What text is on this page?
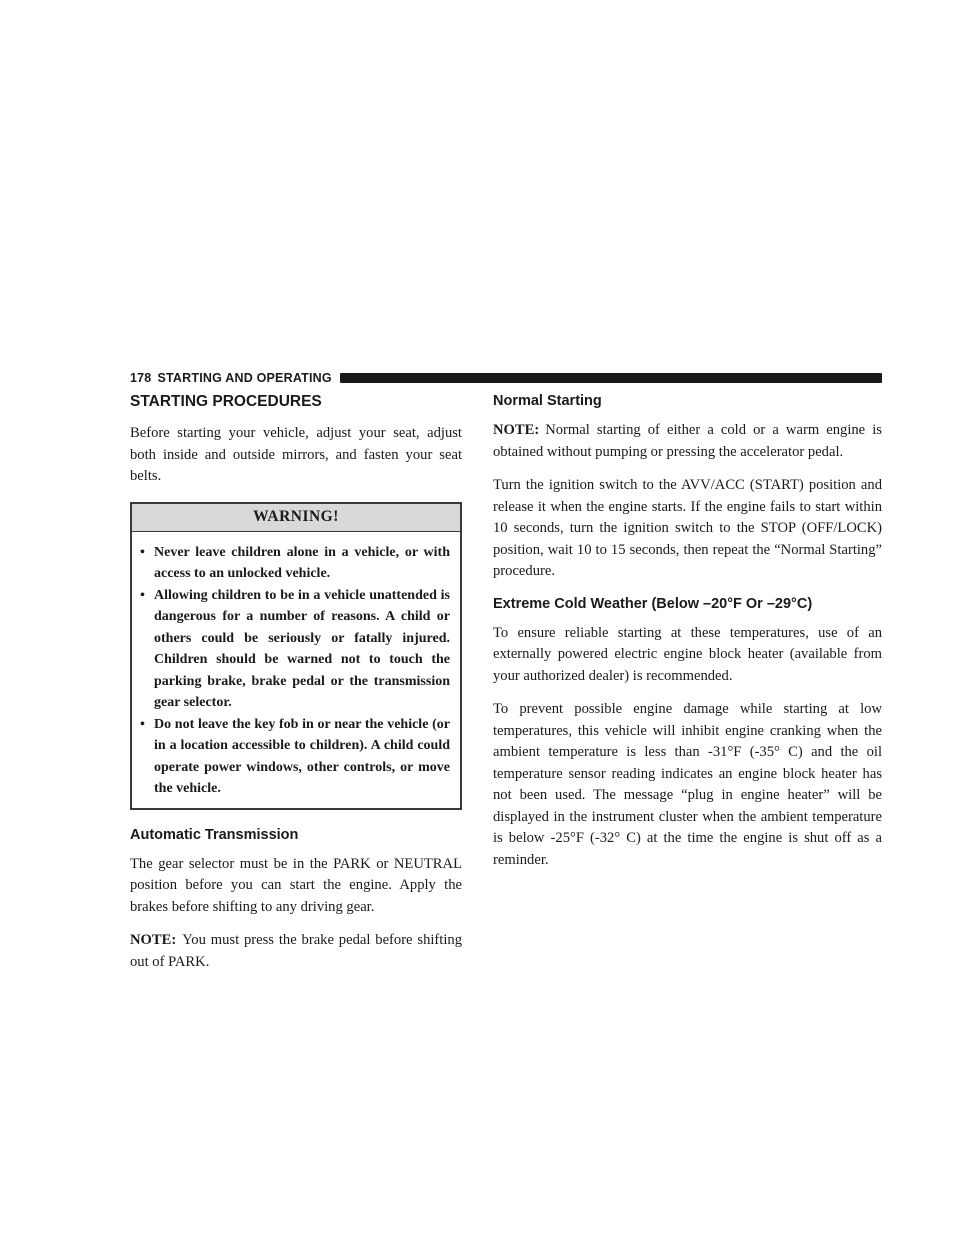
178 STARTING AND OPERATING
STARTING PROCEDURES

Before starting your vehicle, adjust your seat, adjust both inside and outside mirrors, and fasten your seat belts.

WARNING!
• Never leave children alone in a vehicle, or with access to an unlocked vehicle.
• Allowing children to be in a vehicle unattended is dangerous for a number of reasons. A child or others could be seriously or fatally injured. Children should be warned not to touch the parking brake, brake pedal or the transmission gear selector.
• Do not leave the key fob in or near the vehicle (or in a location accessible to children). A child could operate power windows, other controls, or move the vehicle.
Automatic Transmission

The gear selector must be in the PARK or NEUTRAL position before you can start the engine. Apply the brakes before shifting to any driving gear.

NOTE: You must press the brake pedal before shifting out of PARK.

Normal Starting

NOTE: Normal starting of either a cold or a warm engine is obtained without pumping or pressing the accelerator pedal.

Turn the ignition switch to the AVV/ACC (START) position and release it when the engine starts. If the engine fails to start within 10 seconds, turn the ignition switch to the STOP (OFF/LOCK) position, wait 10 to 15 seconds, then repeat the “Normal Starting” procedure.

Extreme Cold Weather (Below –20°F Or –29°C)

To ensure reliable starting at these temperatures, use of an externally powered electric engine block heater (available from your authorized dealer) is recommended.

To prevent possible engine damage while starting at low temperatures, this vehicle will inhibit engine cranking when the ambient temperature is less than -31°F (-35° C) and the oil temperature sensor reading indicates an engine block heater has not been used. The message “plug in engine heater” will be displayed in the instrument cluster when the ambient temperature is below -25°F (-32° C) at the time the engine is shut off as a reminder.
